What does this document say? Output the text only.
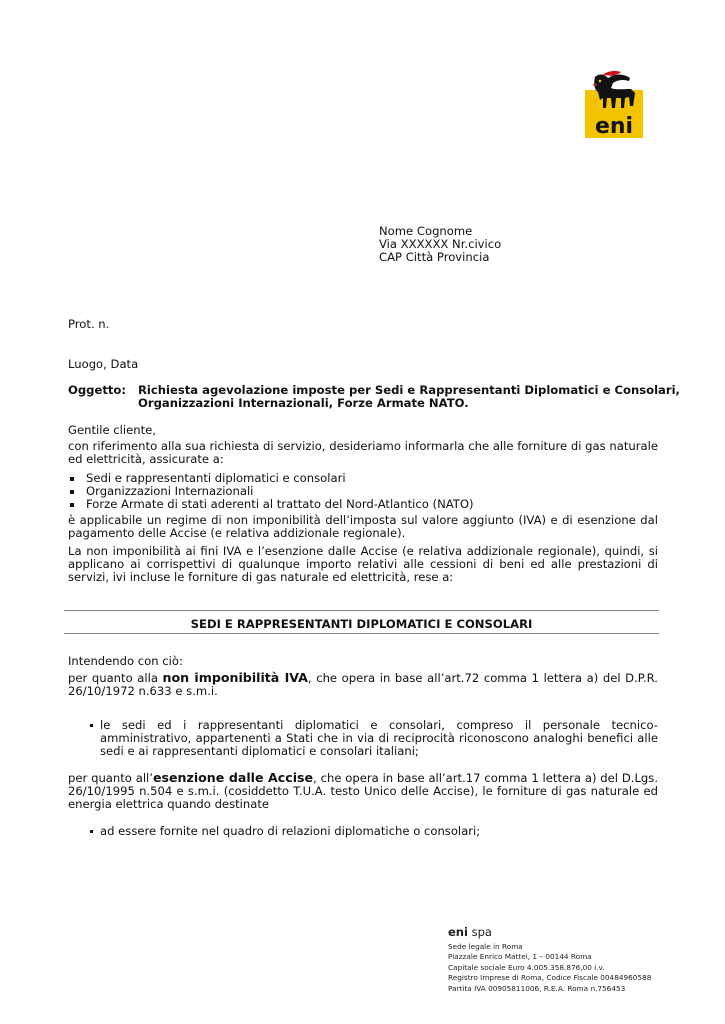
eni
Nome Cognome
Via XXXXXX Nr.civico
CAP Città Provincia
Prot. n.
Luogo, Data
Oggetto: Richiesta agevolazione imposte per Sedi e Rappresentanti Diplomatici e Consolari,
Organizzazioni Internazionali, Forze Armate NATO.
Gentile cliente,
con riferimento alla sua richiesta di servizio, desideriamo informarla che alle forniture di gas naturale ed elettricità, assicurate a:
Sedi e rappresentanti diplomatici e consolari
Organizzazioni Internazionali
Forze Armate di stati aderenti al trattato del Nord-Atlantico (NATO)
è applicabile un regime di non imponibilità dell’imposta sul valore aggiunto (IVA) e di esenzione dal pagamento delle Accise (e relativa addizionale regionale).
La non imponibilità ai fini IVA e l’esenzione dalle Accise (e relativa addizionale regionale), quindi, si applicano ai corrispettivi di qualunque importo relativi alle cessioni di beni ed alle prestazioni di servizi, ivi incluse le forniture di gas naturale ed elettricità, rese a:
SEDI E RAPPRESENTANTI DIPLOMATICI E CONSOLARI
Intendendo con ciò:
per quanto alla non imponibilità IVA, che opera in base all’art.72 comma 1 lettera a) del D.P.R. 26/10/1972 n.633 e s.m.i.
le sedi ed i rappresentanti diplomatici e consolari, compreso il personale tecnico-amministrativo, appartenenti a Stati che in via di reciprocità riconoscono analoghi benefici alle sedi e ai rappresentanti diplomatici e consolari italiani;
per quanto all’esenzione dalle Accise, che opera in base all’art.17 comma 1 lettera a) del D.Lgs. 26/10/1995 n.504 e s.m.i. (cosiddetto T.U.A. testo Unico delle Accise), le forniture di gas naturale ed energia elettrica quando destinate
ad essere fornite nel quadro di relazioni diplomatiche o consolari;
eni spa
Sede legale in Roma
Piazzale Enrico Mattei, 1 – 00144 Roma
Capitale sociale Euro 4.005.358.876,00 i.v.
Registro Imprese di Roma, Codice Fiscale 00484960588
Partita IVA 00905811006, R.E.A. Roma n.756453
